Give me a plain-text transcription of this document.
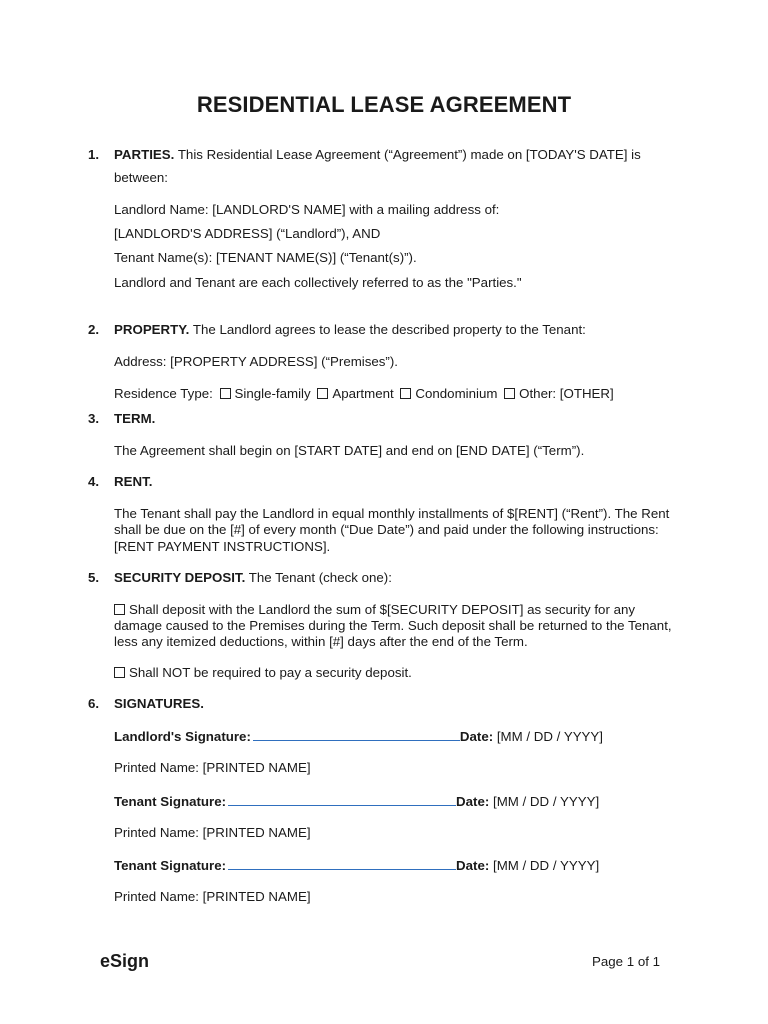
RESIDENTIAL LEASE AGREEMENT
1. PARTIES. This Residential Lease Agreement (“Agreement”) made on [TODAY'S DATE] is
between:
Landlord Name: [LANDLORD'S NAME] with a mailing address of:
[LANDLORD'S ADDRESS] (“Landlord”), AND
Tenant Name(s): [TENANT NAME(S)] (“Tenant(s)”).
Landlord and Tenant are each collectively referred to as the "Parties."
2. PROPERTY. The Landlord agrees to lease the described property to the Tenant:
Address: [PROPERTY ADDRESS] (“Premises”).
Residence Type: Single-family Apartment Condominium Other: [OTHER]
3. TERM.
The Agreement shall begin on [START DATE] and end on [END DATE] (“Term”).
4. RENT.
The Tenant shall pay the Landlord in equal monthly installments of $[RENT] (“Rent”). The Rent
shall be due on the [#] of every month (“Due Date”) and paid under the following instructions:
[RENT PAYMENT INSTRUCTIONS].
5. SECURITY DEPOSIT. The Tenant (check one):
Shall deposit with the Landlord the sum of $[SECURITY DEPOSIT] as security for any
damage caused to the Premises during the Term. Such deposit shall be returned to the Tenant,
less any itemized deductions, within [#] days after the end of the Term.
Shall NOT be required to pay a security deposit.
6. SIGNATURES.
Landlord's Signature:	Date: [MM / DD / YYYY]
Printed Name: [PRINTED NAME]
Tenant Signature:	Date: [MM / DD / YYYY]
Printed Name: [PRINTED NAME]
Tenant Signature:	Date: [MM / DD / YYYY]
Printed Name: [PRINTED NAME]
eSign	Page 1 of 1
